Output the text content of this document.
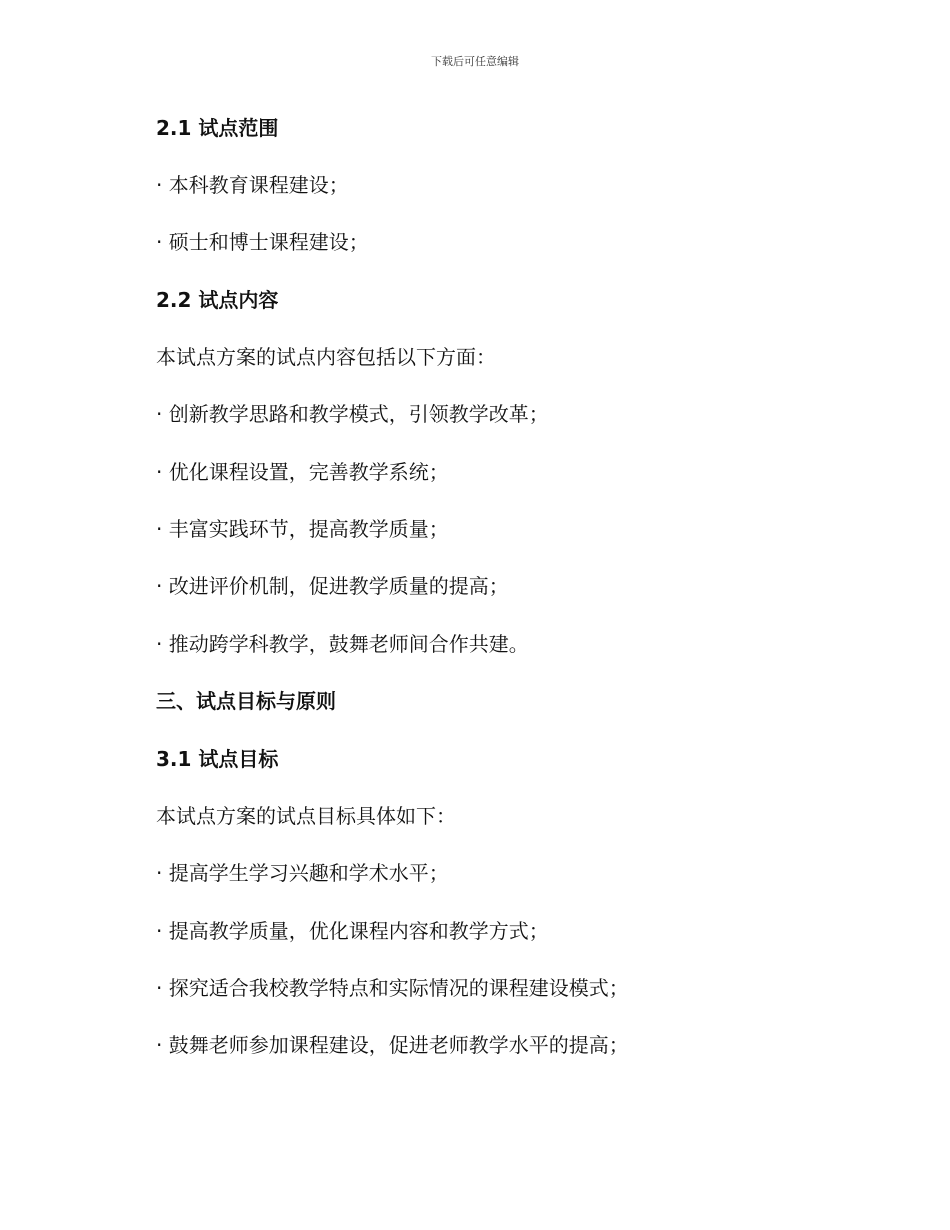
下载后可任意编辑
2.1 试点范围
· 本科教育课程建设；
· 硕士和博士课程建设；
2.2 试点内容
本试点方案的试点内容包括以下方面：
· 创新教学思路和教学模式，引领教学改革；
· 优化课程设置，完善教学系统；
· 丰富实践环节，提高教学质量；
· 改进评价机制，促进教学质量的提高；
· 推动跨学科教学，鼓舞老师间合作共建。
三、试点目标与原则
3.1 试点目标
本试点方案的试点目标具体如下：
· 提高学生学习兴趣和学术水平；
· 提高教学质量，优化课程内容和教学方式；
· 探究适合我校教学特点和实际情况的课程建设模式；
· 鼓舞老师参加课程建设，促进老师教学水平的提高；
